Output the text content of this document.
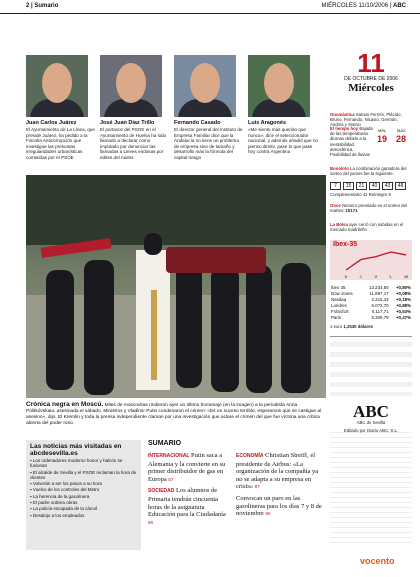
2 | Sumario	MIÉRCOLES 11/10/2006 | ABC
Juan Carlos Juárez
El Ayuntamiento de La Línea, que preside Juárez, ha pedido a la Fiscalía Anticorrupción que investigue las presuntas irregularidades urbanísticas cometidas por el PSOE
José Juan Díaz Trillo
El portavoz del PSOE en el Ayuntamiento de Huelva ha sido llamado a declarar como imputado por denunciar las llamadas a Lleves endosas por edites del ruidos
Fernando Casado
El director general del Instituto de Empresa Familiar dice que la Andalucía no tiene un problema de empresa sino de tamaño y desarrollo más la fórmula del capital riesgo
Luis Aragonés
«Me siento más querido que nunca», dice el seleccionador nacional, y además añadió que no pienso dimitir, pase lo que pase hoy contra Argentina
Crónica negra en Moscú. Miles de moscovitas rindieron ayer un último homenaje (en la imagen) a la periodista Anna Politkóvskaia, asesinada el sábado. Ministros y Vladimir Putin condenaron el crimen: «Es un suceso terrible, esperamos que se castigue al asesino», dijo. El Kremlin y toda la prensa independiente claman por una investigación que aclare el crimen del que fue víctima una crítica abierta del poder ruso.
11
DE OCTUBRE DE 2006
Miércoles
Onomástica Santos Fermín, Plácido, Bruno, Fernando, Nicasio, Germán, Andrés y Sisinio
El tiempo hoy Bajada de las temperaturas diurnas debido a la inestabilidad atmosférica. Posibilidad de lluvias
MÍN.	MÁX.
19 28
Bonoloto La combinación ganadora del sorteo del jueves fue la siguiente:
7	15	21	40	43	48
Complementario 41 Reintegro 9
Once Número premiado en el sorteo del martes: 10171
La Bolsa ayer cerró con subidas en el mercado madrileño
Ibex-35
X	J	V	L	M
Ibex 35	13.234,50	+0,80%
Dow Jones	11.897,17	+0,08%
Nasdaq	2.315,43	+0,18%
Londres	6.072,70	+0,88%
Fráncfort	6.117,71	+0,53%
Paris	5.309,79	+0,47%
1 euro 1,2530 dólares
ABC
ABC de Sevilla
Editado por Diario ABC, S.L.
vocento
Las noticias más visitadas en abcdesevilla.es
▪ Los ordenadores moderno honor y halcón se fusionan
▪ El alcalde de Sevilla y el PSOE reclaman la hora de clientes
▪ Volverán a ser los pasos a su hora
▪ Vuelco de los controles del Metro
▪ La herencia de la gasolinera
▪ El padre ordena obras
▪ La policía escapada de la cárcel
▪ Desalojo a los empleados
SUMARIO
INTERNACIONAL Putin saca a Alemania y la convierte en su primer distribuidor de gas en Europa 57
SOCIEDAD Los alumnos de Primaria tendrán cincuenta horas de la asignatura Educación para la Ciudadanía 88
ECONOMÍA Christian Streiff, el presidente de Airbus: «La organización de la compañía ya no se adapta a su empresa en crisis» 87
Convocan un paro en las gasolineras para los días 7 y 8 de noviembre 90
